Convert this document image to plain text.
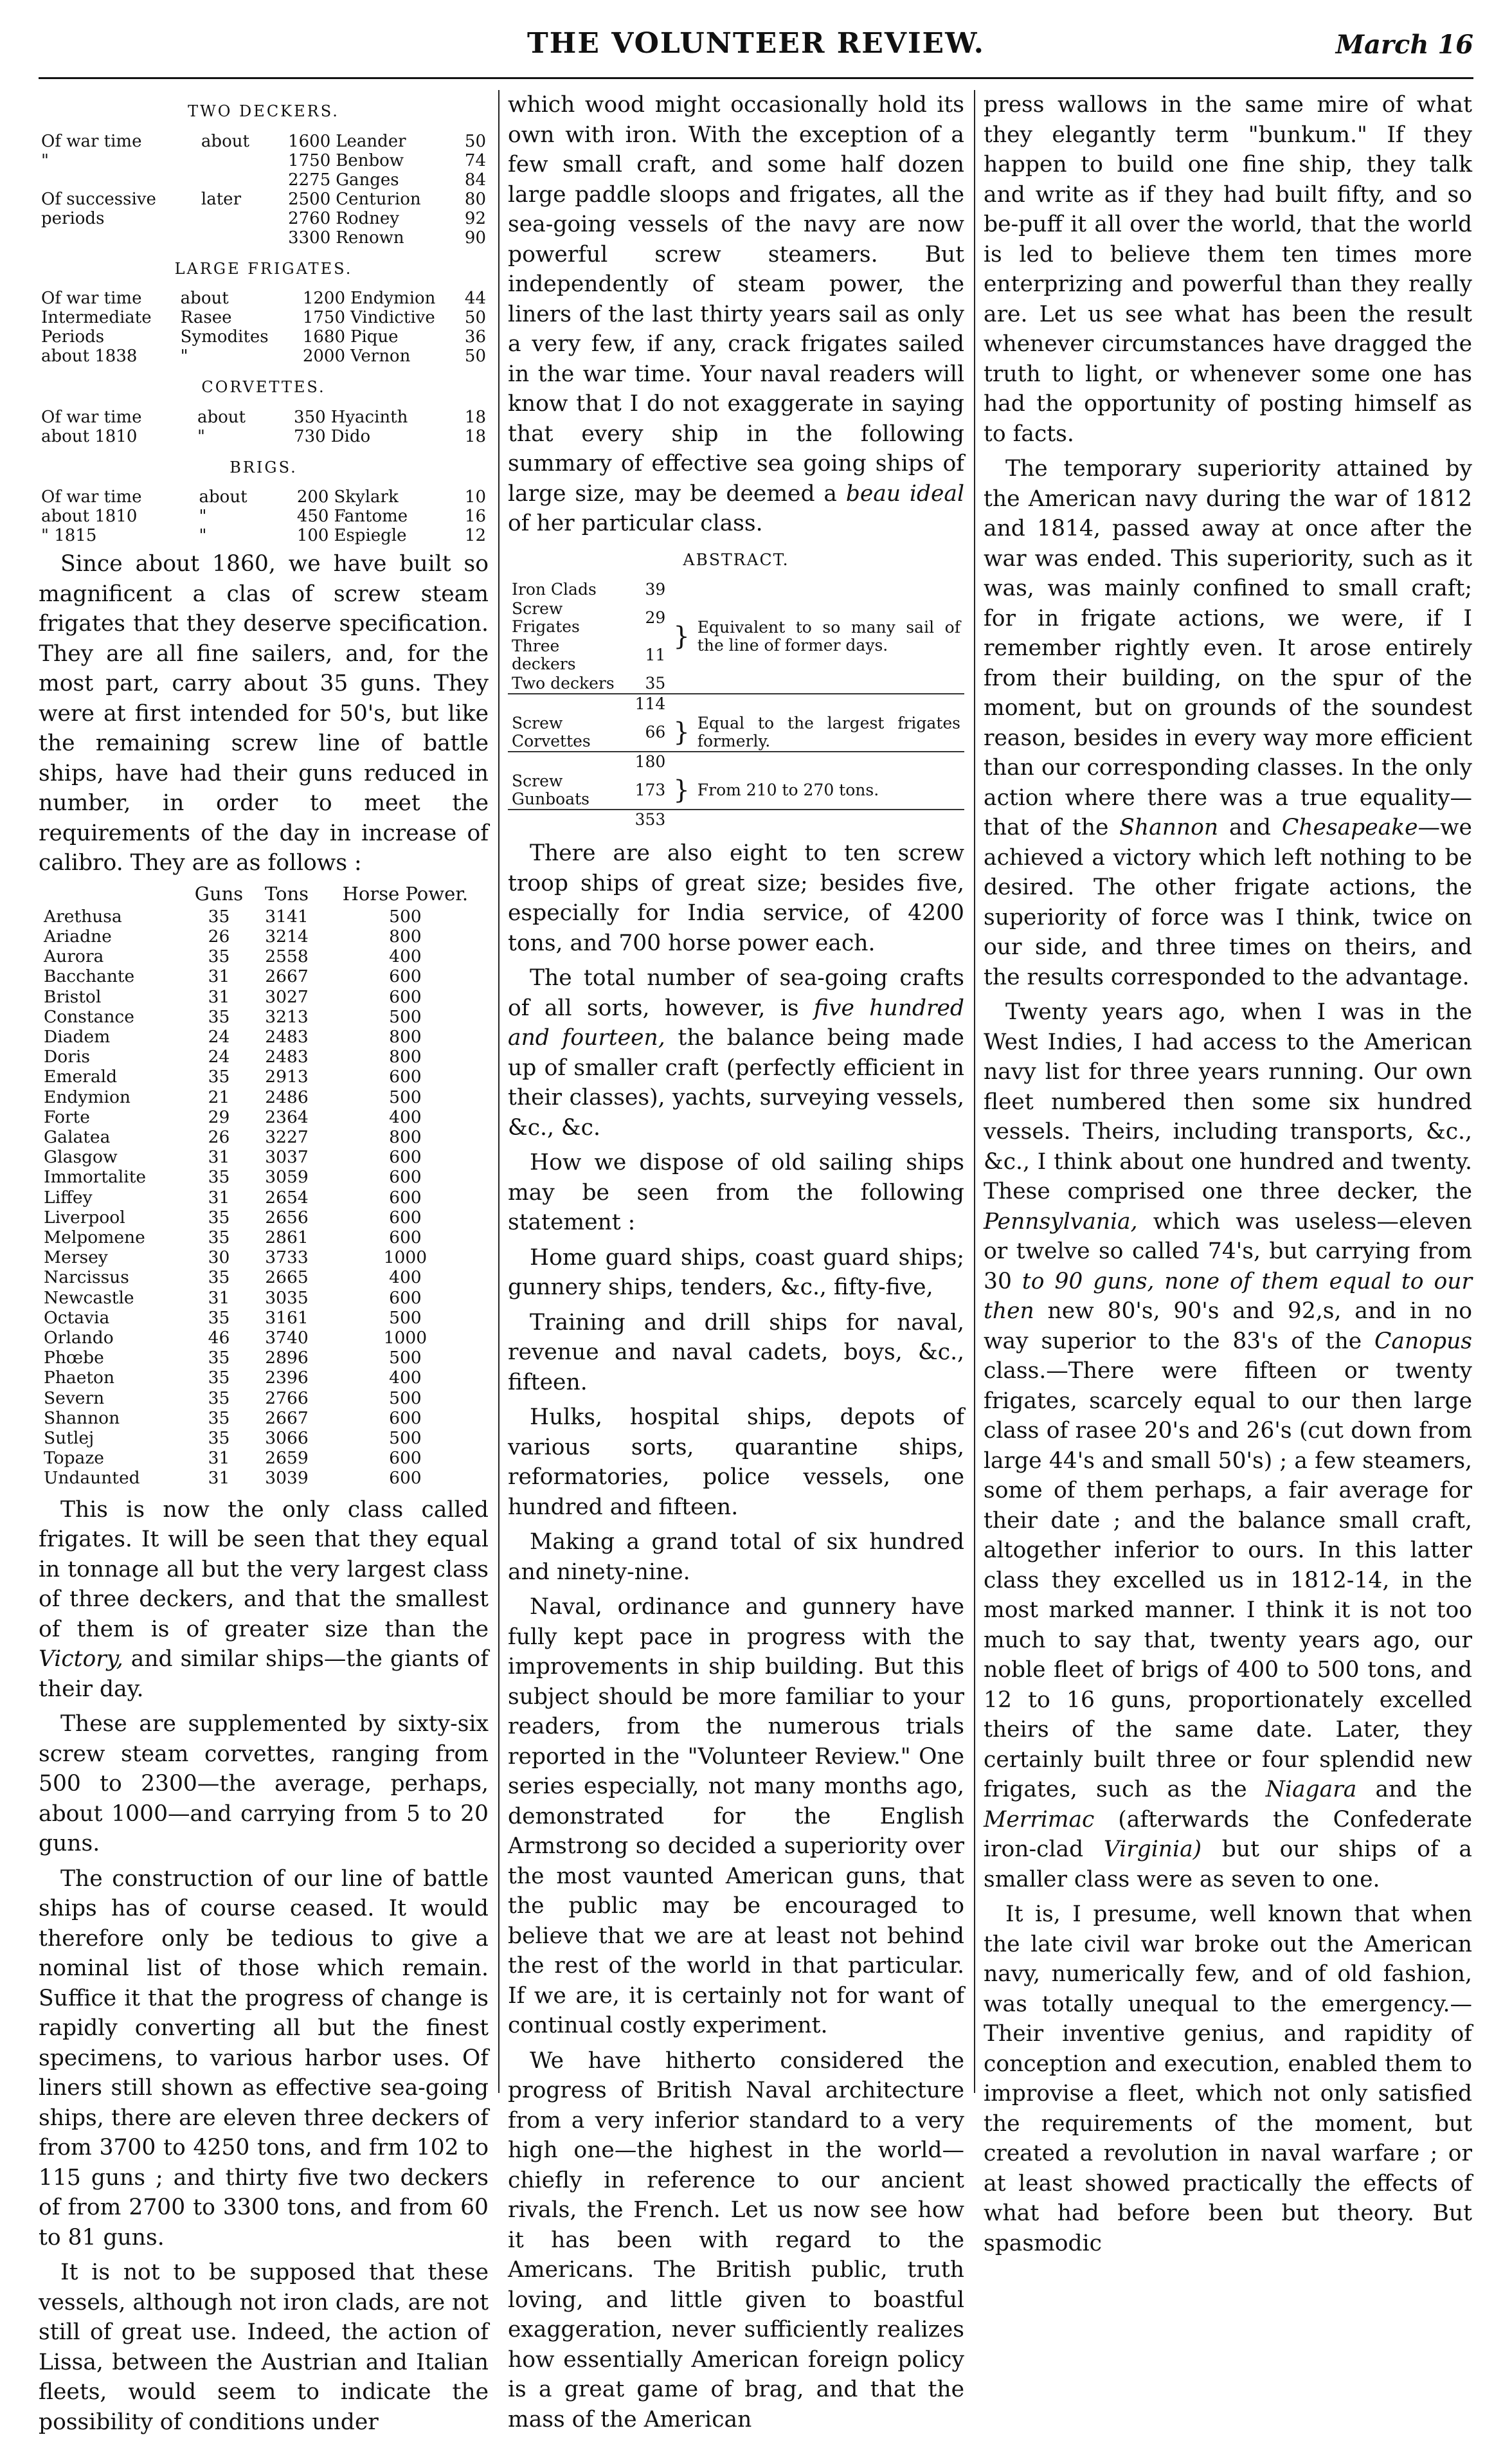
THE VOLUNTEER REVIEW.	March 16
TWO DECKERS.
Of war time	about	1600	Leander	50
"		1750	Benbow	74
		2275	Ganges	84
Of successive	later	2500	Centurion	80
periods		2760	Rodney	92
		3300	Renown	90
LARGE FRIGATES.
Of war time	about	1200	Endymion	44
Intermediate	Rasee	1750	Vindictive	50
Periods	Symodites	1680	Pique	36
about 1838	"	2000	Vernon	50
CORVETTES.
Of war time	about	350	Hyacinth	18
about 1810	"	730	Dido	18
BRIGS.
Of war time	about	200	Skylark	10
about 1810	"	450	Fantome	16
" 1815	"	100	Espiegle	12

Since about 1860, we have built so magnificent a clas of screw steam frigates that they deserve specification. They are all fine sailers, and, for the most part, carry about 35 guns. They were at first intended for 50's, but like the remaining screw line of battle ships, have had their guns reduced in number, in order to meet the requirements of the day in increase of calibro. They are as follows :

	Guns	Tons	Horse Power.
Arethusa	35	3141	500
Ariadne	26	3214	800
Aurora	35	2558	400
Bacchante	31	2667	600
Bristol	31	3027	600
Constance	35	3213	500
Diadem	24	2483	800
Doris	24	2483	800
Emerald	35	2913	600
Endymion	21	2486	500
Forte	29	2364	400
Galatea	26	3227	800
Glasgow	31	3037	600
Immortalite	35	3059	600
Liffey	31	2654	600
Liverpool	35	2656	600
Melpomene	35	2861	600
Mersey	30	3733	1000
Narcissus	35	2665	400
Newcastle	31	3035	600
Octavia	35	3161	500
Orlando	46	3740	1000
Phœbe	35	2896	500
Phaeton	35	2396	400
Severn	35	2766	500
Shannon	35	2667	600
Sutlej	35	3066	500
Topaze	31	2659	600
Undaunted	31	3039	600

This is now the only class called frigates. It will be seen that they equal in tonnage all but the very largest class of three deckers, and that the smallest of them is of greater size than the Victory, and similar ships—the giants of their day.

These are supplemented by sixty-six screw steam corvettes, ranging from 500 to 2300—the average, perhaps, about 1000—and carrying from 5 to 20 guns.

The construction of our line of battle ships has of course ceased. It would therefore only be tedious to give a nominal list of those which remain. Suffice it that the progress of change is rapidly converting all but the finest specimens, to various harbor uses. Of liners still shown as effective sea-going ships, there are eleven three deckers of from 3700 to 4250 tons, and frm 102 to 115 guns ; and thirty five two deckers of from 2700 to 3300 tons, and from 60 to 81 guns.

It is not to be supposed that these vessels, although not iron clads, are not still of great use. Indeed, the action of Lissa, between the Austrian and Italian fleets, would seem to indicate the possibility of conditions under

which wood might occasionally hold its own with iron. With the exception of a few small craft, and some half dozen large paddle sloops and frigates, all the sea-going vessels of the navy are now powerful screw steamers. But independently of steam power, the liners of the last thirty years sail as only a very few, if any, crack frigates sailed in the war time. Your naval readers will know that I do not exaggerate in saying that every ship in the following summary of effective sea going ships of large size, may be deemed a beau ideal of her particular class.

ABSTRACT.
Iron Clads	39	}	Equivalent to so many sail of the line of former days.
Screw Frigates	29		
Three deckers	11		
Two deckers	35		
	114		
Screw Corvettes	66	}	Equal to the largest frigates formerly.
	180		
Screw Gunboats	173	}	From 210 to 270 tons.
	353		

There are also eight to ten screw troop ships of great size; besides five, especially for India service, of 4200 tons, and 700 horse power each.

The total number of sea-going crafts of all sorts, however, is five hundred and fourteen, the balance being made up of smaller craft (perfectly efficient in their classes), yachts, surveying vessels, &c., &c.

How we dispose of old sailing ships may be seen from the following statement :

Home guard ships, coast guard ships; gunnery ships, tenders, &c., fifty-five,

Training and drill ships for naval, revenue and naval cadets, boys, &c., fifteen.

Hulks, hospital ships, depots of various sorts, quarantine ships, reformatories, police vessels, one hundred and fifteen.

Making a grand total of six hundred and ninety-nine.

Naval, ordinance and gunnery have fully kept pace in progress with the improvements in ship building. But this subject should be more familiar to your readers, from the numerous trials reported in the "Volunteer Review." One series especially, not many months ago, demonstrated for the English Armstrong so decided a superiority over the most vaunted American guns, that the public may be encouraged to believe that we are at least not behind the rest of the world in that particular. If we are, it is certainly not for want of continual costly experiment.

We have hitherto considered the progress of British Naval architecture from a very inferior standard to a very high one—the highest in the world—chiefly in reference to our ancient rivals, the French. Let us now see how it has been with regard to the Americans. The British public, truth loving, and little given to boastful exaggeration, never sufficiently realizes how essentially American foreign policy is a great game of brag, and that the mass of the American

press wallows in the same mire of what they elegantly term "bunkum." If they happen to build one fine ship, they talk and write as if they had built fifty, and so be-puff it all over the world, that the world is led to believe them ten times more enterprizing and powerful than they really are. Let us see what has been the result whenever circumstances have dragged the truth to light, or whenever some one has had the opportunity of posting himself as to facts.

The temporary superiority attained by the American navy during the war of 1812 and 1814, passed away at once after the war was ended. This superiority, such as it was, was mainly confined to small craft; for in frigate actions, we were, if I remember rightly even. It arose entirely from their building, on the spur of the moment, but on grounds of the soundest reason, besides in every way more efficient than our corresponding classes. In the only action where there was a true equality—that of the Shannon and Chesapeake—we achieved a victory which left nothing to be desired. The other frigate actions, the superiority of force was I think, twice on our side, and three times on theirs, and the results corresponded to the advantage.

Twenty years ago, when I was in the West Indies, I had access to the American navy list for three years running. Our own fleet numbered then some six hundred vessels. Theirs, including transports, &c., &c., I think about one hundred and twenty. These comprised one three decker, the Pennsylvania, which was useless—eleven or twelve so called 74's, but carrying from 30 to 90 guns, none of them equal to our then new 80's, 90's and 92,s, and in no way superior to the 83's of the Canopus class.—There were fifteen or twenty frigates, scarcely equal to our then large class of rasee 20's and 26's (cut down from large 44's and small 50's) ; a few steamers, some of them perhaps, a fair average for their date ; and the balance small craft, altogether inferior to ours. In this latter class they excelled us in 1812-14, in the most marked manner. I think it is not too much to say that, twenty years ago, our noble fleet of brigs of 400 to 500 tons, and 12 to 16 guns, proportionately excelled theirs of the same date. Later, they certainly built three or four splendid new frigates, such as the Niagara and the Merrimac (afterwards the Confederate iron-clad Virginia) but our ships of a smaller class were as seven to one.

It is, I presume, well known that when the late civil war broke out the American navy, numerically few, and of old fashion, was totally unequal to the emergency.—Their inventive genius, and rapidity of conception and execution, enabled them to improvise a fleet, which not only satisfied the requirements of the moment, but created a revolution in naval warfare ; or at least showed practically the effects of what had before been but theory. But spasmodic
